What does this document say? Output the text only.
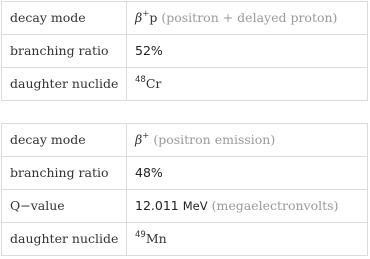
decay mode	β+p (positron + delayed proton)
branching ratio	52%
daughter nuclide	$^{48}$Cr
decay mode	β+ (positron emission)
branching ratio	48%
Q−value	12.011 MeV (megaelectronvolts)
daughter nuclide	$^{49}$Mn
